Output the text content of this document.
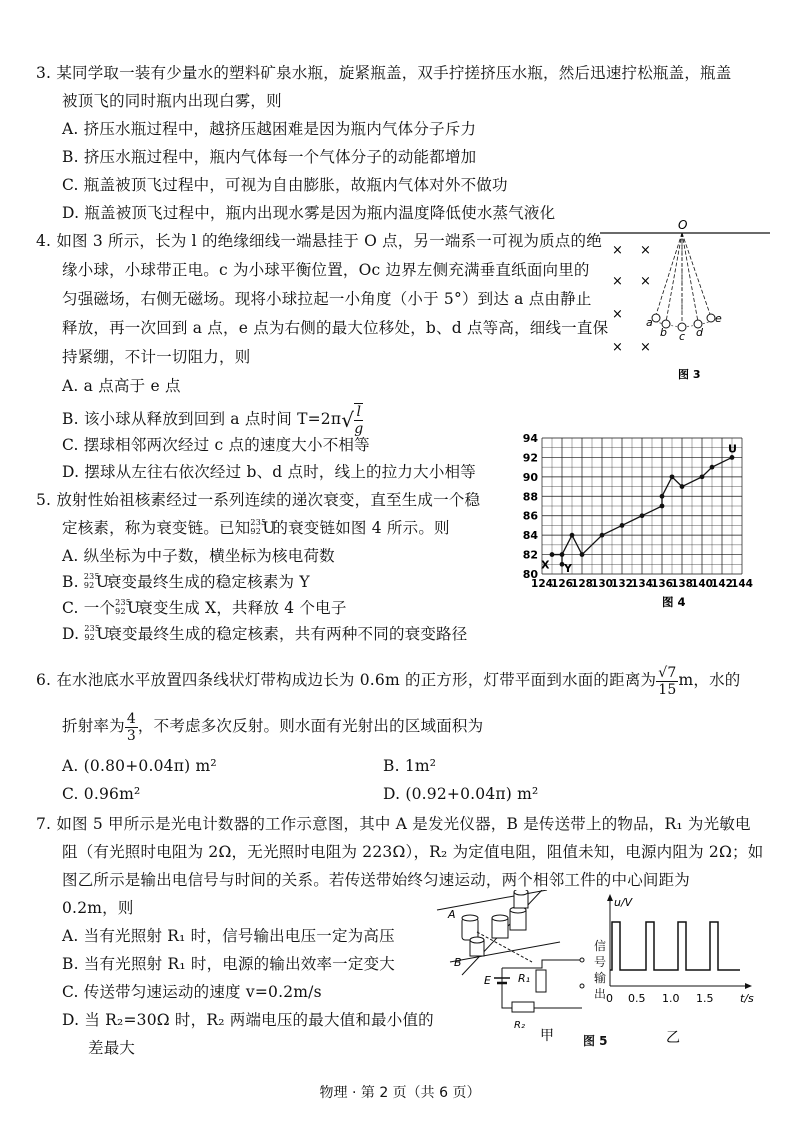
3. 某同学取一装有少量水的塑料矿泉水瓶，旋紧瓶盖，双手拧搓挤压水瓶，然后迅速拧松瓶盖，瓶盖
被顶飞的同时瓶内出现白雾，则
A. 挤压水瓶过程中，越挤压越困难是因为瓶内气体分子斥力
B. 挤压水瓶过程中，瓶内气体每一个气体分子的动能都增加
C. 瓶盖被顶飞过程中，可视为自由膨胀，故瓶内气体对外不做功
D. 瓶盖被顶飞过程中，瓶内出现水雾是因为瓶内温度降低使水蒸气液化
4. 如图 3 所示，长为 l 的绝缘细线一端悬挂于 O 点，另一端系一可视为质点的绝
缘小球，小球带正电。c 为小球平衡位置，Oc 边界左侧充满垂直纸面向里的
匀强磁场，右侧无磁场。现将小球拉起一小角度（小于 5°）到达 a 点由静止
释放，再一次回到 a 点，e 点为右侧的最大位移处，b、d 点等高，细线一直保
持紧绷，不计一切阻力，则
A. a 点高于 e 点
B. 该小球从释放到回到 a 点时间 $T=2\pi√ \frac{l}{g}$
C. 摆球相邻两次经过 c 点的速度大小不相等
D. 摆球从左往右依次经过 b、d 点时，线上的拉力大小相等
O
a
b c d
e
× ×
× ×
×
× ×
图 3
5. 放射性始祖核素经过一系列连续的递次衰变，直至生成一个稳
定核素，称为衰变链。已知 235
92 U
的衰变链如图 4 所示。则
A. 纵坐标为中子数，横坐标为核电荷数
B. 235
92 U
衰变最终生成的稳定核素为 Y
C. 一个 235
92 U
衰变生成 X，共释放 4 个电子
D. 235
92 U
衰变最终生成的稳定核素，共有两种不同的衰变路径
124
126
128
130
132
134
136
138
140
142
144
80
82
84
86
88
90
92
94
U
X Y
图 4
6. 在水池底水平放置四条线状灯带构成边长为 0.6m 的正方形，灯带平面到水面的距离为 $\frac{√7}{15}$ m，水的
折射率为 $\frac{4}{3}$ ，不考虑多次反射。则水面有光射出的区域面积为
A. (0.80+0.04π) m²	B. 1m²
C. 0.96m²	D. (0.92+0.04π) m²
7. 如图 5 甲所示是光电计数器的工作示意图，其中 A 是发光仪器，B 是传送带上的物品，R₁ 为光敏电
阻（有光照时电阻为 2Ω，无光照时电阻为 223Ω），R₂ 为定值电阻，阻值未知，电源内阻为 2Ω；如
图乙所示是输出电信号与时间的关系。若传送带始终匀速运动，两个相邻工件的中心间距为
0.2m，则
A. 当有光照射 R₁ 时，信号输出电压一定为高压
B. 当有光照射 R₁ 时，电源的输出效率一定变大
C. 传送带匀速运动的速度 v=0.2m/s
D. 当 R₂=30Ω 时，R₂ 两端电压的最大值和最小值的
差最大
A
B
E R₁
R₂
甲
信
号
输
出
u/V
t/s
0 0.5 1.0 1.5
乙
图 5
物理 · 第 2 页（共 6 页）
